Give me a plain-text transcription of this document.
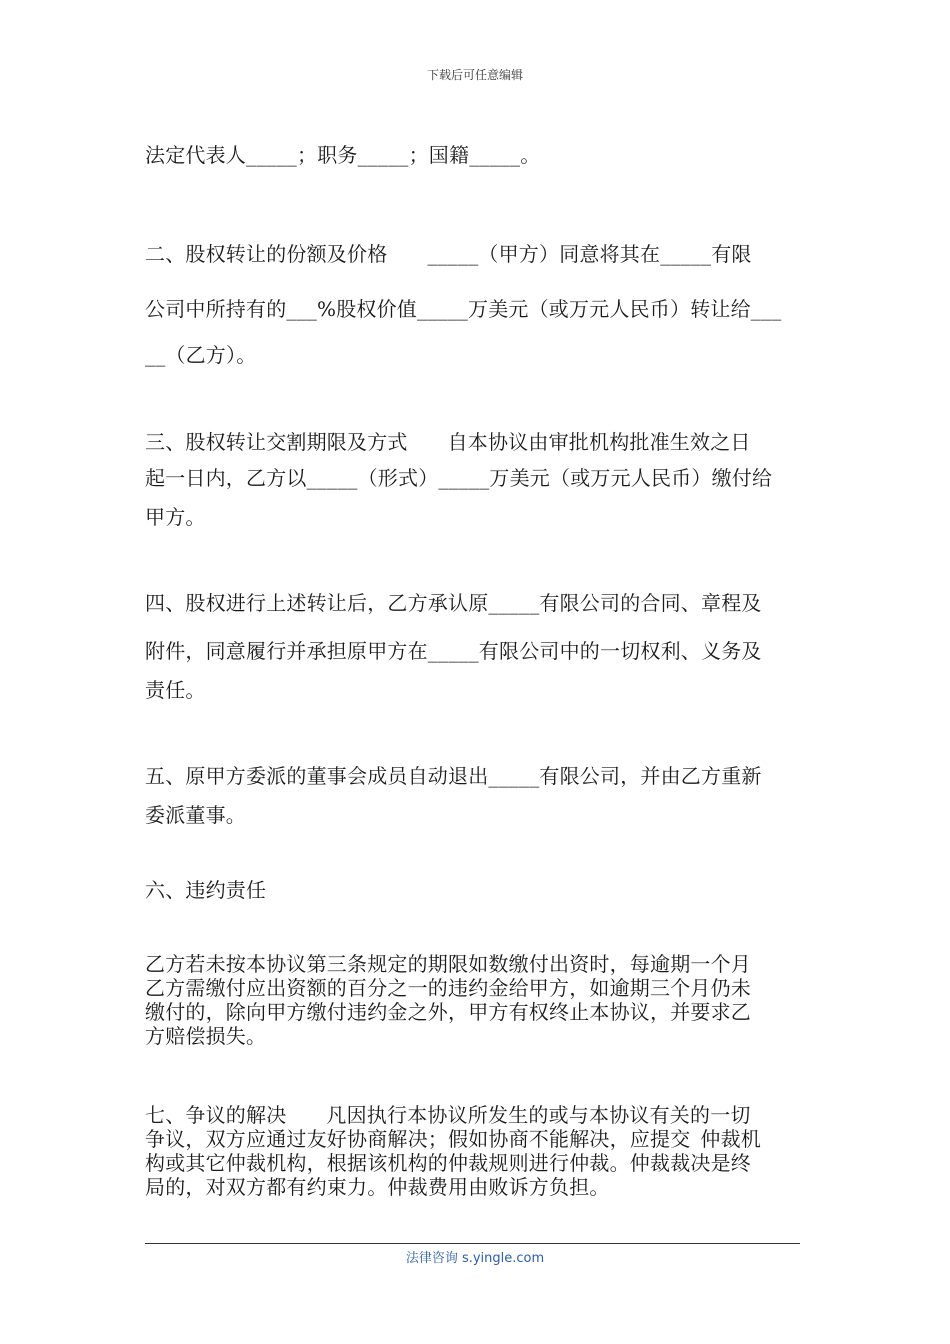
下载后可任意编辑
法定代表人_____；职务_____；国籍_____。
二、股权转让的份额及价格 _____（甲方）同意将其在_____有限
公司中所持有的___%股权价值_____万美元（或万元人民币）转让给___
__（乙方）。
三、股权转让交割期限及方式 自本协议由审批机构批准生效之日
起一日内，乙方以_____（形式）_____万美元（或万元人民币）缴付给
甲方。
四、股权进行上述转让后，乙方承认原_____有限公司的合同、章程及
附件，同意履行并承担原甲方在_____有限公司中的一切权利、义务及
责任。
五、原甲方委派的董事会成员自动退出_____有限公司，并由乙方重新
委派董事。
六、违约责任
乙方若未按本协议第三条规定的期限如数缴付出资时，每逾期一个月
乙方需缴付应出资额的百分之一的违约金给甲方，如逾期三个月仍未
缴付的，除向甲方缴付违约金之外，甲方有权终止本协议，并要求乙
方赔偿损失。
七、争议的解决 凡因执行本协议所发生的或与本协议有关的一切
争议，双方应通过友好协商解决；假如协商不能解决，应提交 仲裁机
构或其它仲裁机构，根据该机构的仲裁规则进行仲裁。仲裁裁决是终
局的，对双方都有约束力。仲裁费用由败诉方负担。
法律咨询 s.yingle.com
